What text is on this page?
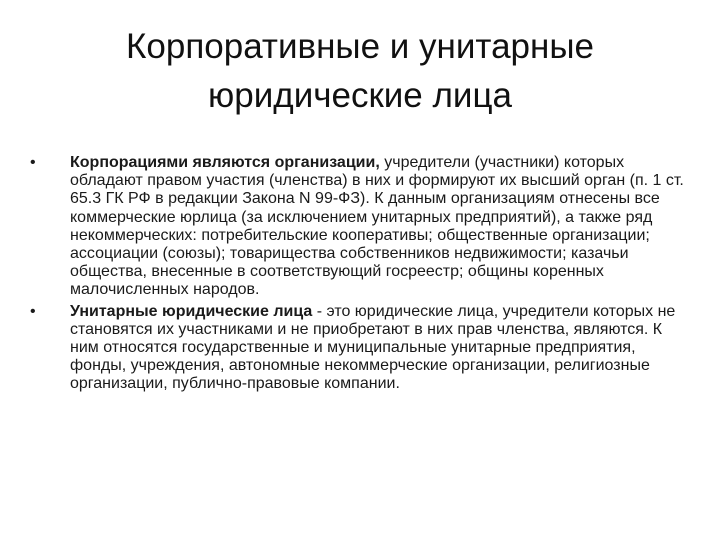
Корпоративные и унитарные
юридические лица
•	Корпорациями являются организации, учредители (участники) которых обладают правом участия (членства) в них и формируют их высший орган (п. 1 ст. 65.3 ГК РФ в редакции Закона N 99-ФЗ). К данным организациям отнесены все коммерческие юрлица (за исключением унитарных предприятий), а также ряд некоммерческих: потребительские кооперативы; общественные организации; ассоциации (союзы); товарищества собственников недвижимости; казачьи общества, внесенные в соответствующий госреестр; общины коренных малочисленных народов.
•	Унитарные юридические лица - это юридические лица, учредители которых не становятся их участниками и не приобретают в них прав членства, являются. К ним относятся государственные и муниципальные унитарные предприятия, фонды, учреждения, автономные некоммерческие организации, религиозные организации, публично-правовые компании.
